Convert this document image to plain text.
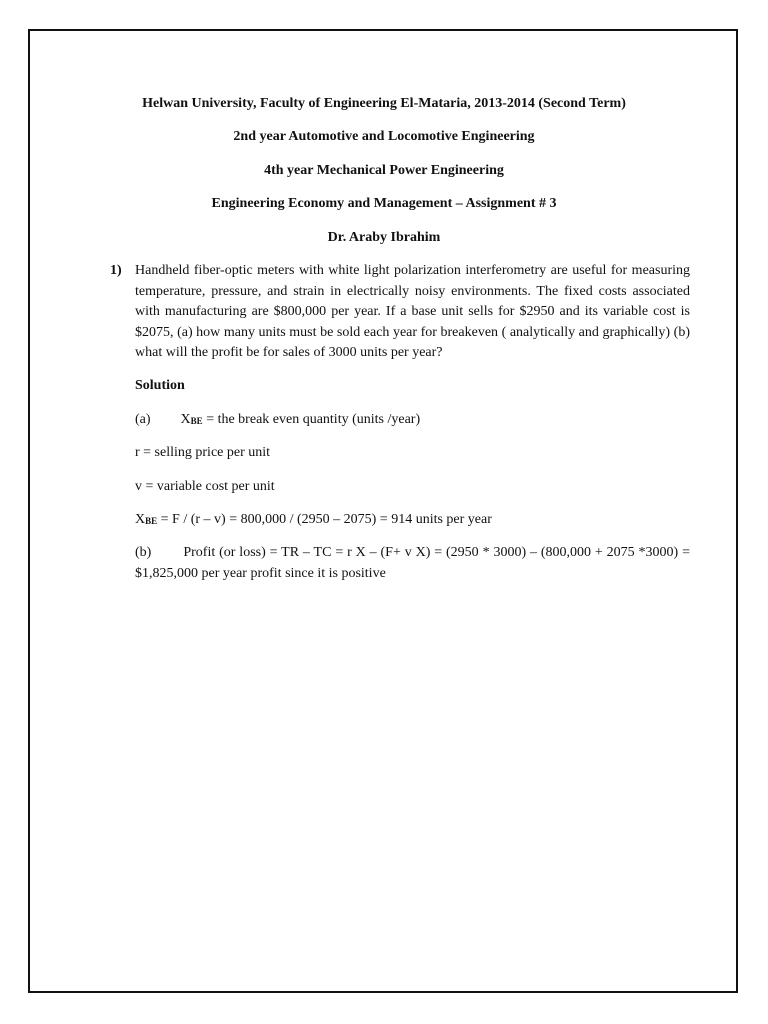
Helwan University, Faculty of Engineering El-Mataria, 2013-2014 (Second Term)
2nd year Automotive and Locomotive Engineering
4th year Mechanical Power Engineering
Engineering Economy and Management – Assignment # 3
Dr. Araby Ibrahim
1) Handheld fiber-optic meters with white light polarization interferometry are useful for measuring temperature, pressure, and strain in electrically noisy environments. The fixed costs associated with manufacturing are $800,000 per year. If a base unit sells for $2950 and its variable cost is $2075, (a) how many units must be sold each year for breakeven ( analytically and graphically) (b) what will the profit be for sales of 3000 units per year?
Solution
(a) XBE = the break even quantity (units /year)
r = selling price per unit
v = variable cost per unit
XBE = F / (r – v) = 800,000 / (2950 – 2075) = 914 units per year
(b) Profit (or loss) = TR – TC = r X – (F+ v X) = (2950 * 3000) – (800,000 + 2075 *3000) = $1,825,000 per year profit since it is positive
